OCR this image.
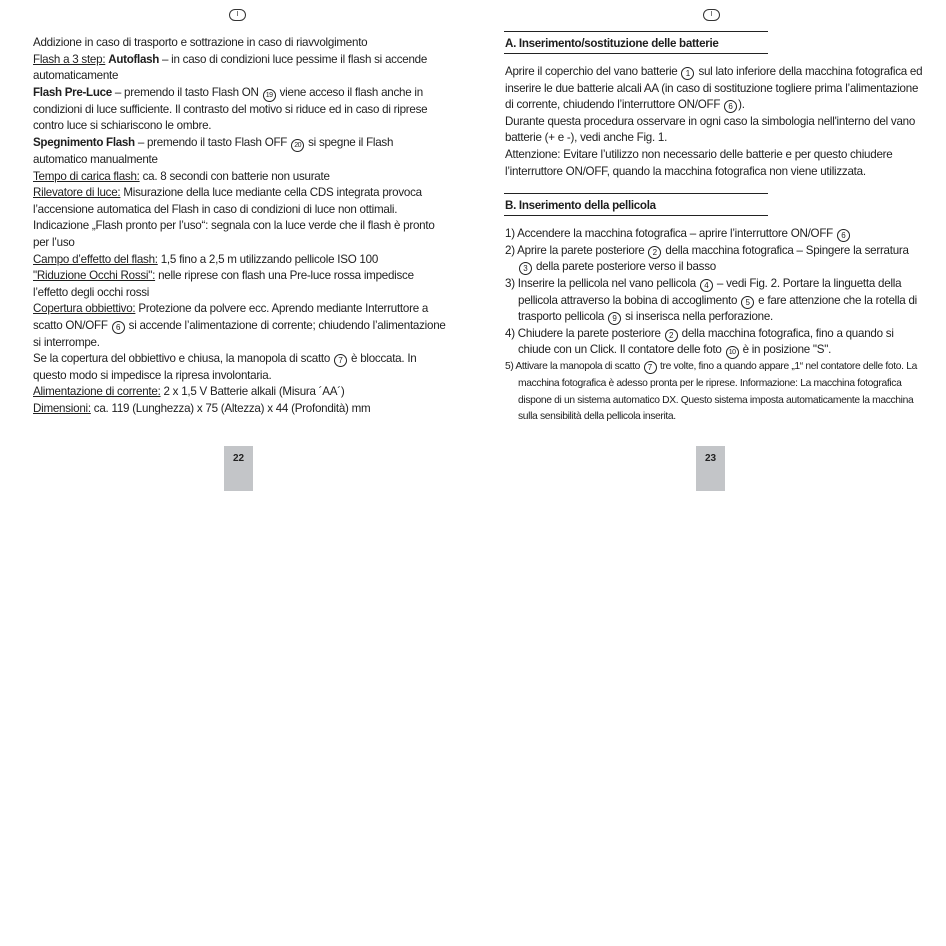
I

Addizione in caso di trasporto e sottrazione in caso di riavvolgimento

Flash a 3 step: Autoflash – in caso di condizioni luce pessime il flash si accende automaticamente

Flash Pre-Luce – premendo il tasto Flash ON 19 viene acceso il flash anche in condizioni di luce sufficiente. Il contrasto del motivo si riduce ed in caso di riprese contro luce si schiariscono le ombre.

Spegnimento Flash – premendo il tasto Flash OFF 20 si spegne il Flash automatico manualmente

Tempo di carica flash: ca. 8 secondi con batterie non usurate

Rilevatore di luce: Misurazione della luce mediante cella CDS integrata provoca l’accensione automatica del Flash in caso di condizioni di luce non ottimali. Indicazione „Flash pronto per l’uso“: segnala con la luce verde che il flash è pronto per l’uso

Campo d’effetto del flash: 1,5 fino a 2,5 m utilizzando pellicole ISO 100

"Riduzione Occhi Rossi": nelle riprese con flash una Pre-luce rossa impedisce l’effetto degli occhi rossi

Copertura obbiettivo: Protezione da polvere ecc. Aprendo mediante Interruttore a scatto ON/OFF 6 si accende l’alimentazione di corrente; chiudendo l’alimentazione si interrompe.

Se la copertura del obbiettivo e chiusa, la manopola di scatto 7 è bloccata. In questo modo si impedisce la ripresa involontaria.

Alimentazione di corrente: 2 x 1,5 V Batterie alkali (Misura ´AA´)

Dimensioni: ca. 119 (Lunghezza) x 75 (Altezza) x 44 (Profondità) mm

22
I
A. Inserimento/sostituzione delle batterie

Aprire il coperchio del vano batterie 1 sul lato inferiore della macchina fotografica ed inserire le due batterie alcali AA (in caso di sostituzione togliere prima l’alimentazione di corrente, chiudendo l’interruttore ON/OFF 6 ).

Durante questa procedura osservare in ogni caso la simbologia nell'interno del vano batterie (+ e -), vedi anche Fig. 1.

Attenzione: Evitare l’utilizzo non necessario delle batterie e per questo chiudere l’interruttore ON/OFF, quando la macchina fotografica non viene utilizzata.

B. Inserimento della pellicola

1) Accendere la macchina fotografica – aprire l’interruttore ON/OFF 6

2) Aprire la parete posteriore 2 della macchina fotografica – Spingere la serratura 3 della parete posteriore verso il basso

3) Inserire la pellicola nel vano pellicola 4 – vedi Fig. 2. Portare la linguetta della pellicola attraverso la bobina di accoglimento 5 e fare attenzione che la rotella di trasporto pellicola 9 si inserisca nella perforazione.

4) Chiudere la parete posteriore 2 della macchina fotografica, fino a quando si chiude con un Click. Il contatore delle foto 10 è in posizione "S".

5) Attivare la manopola di scatto 7 tre volte, fino a quando appare „1“ nel contatore delle foto. La macchina fotografica è adesso pronta per le riprese. Informazione: La macchina fotografica dispone di un sistema automatico DX. Questo sistema imposta automaticamente la macchina sulla sensibilità della pellicola inserita.

23
